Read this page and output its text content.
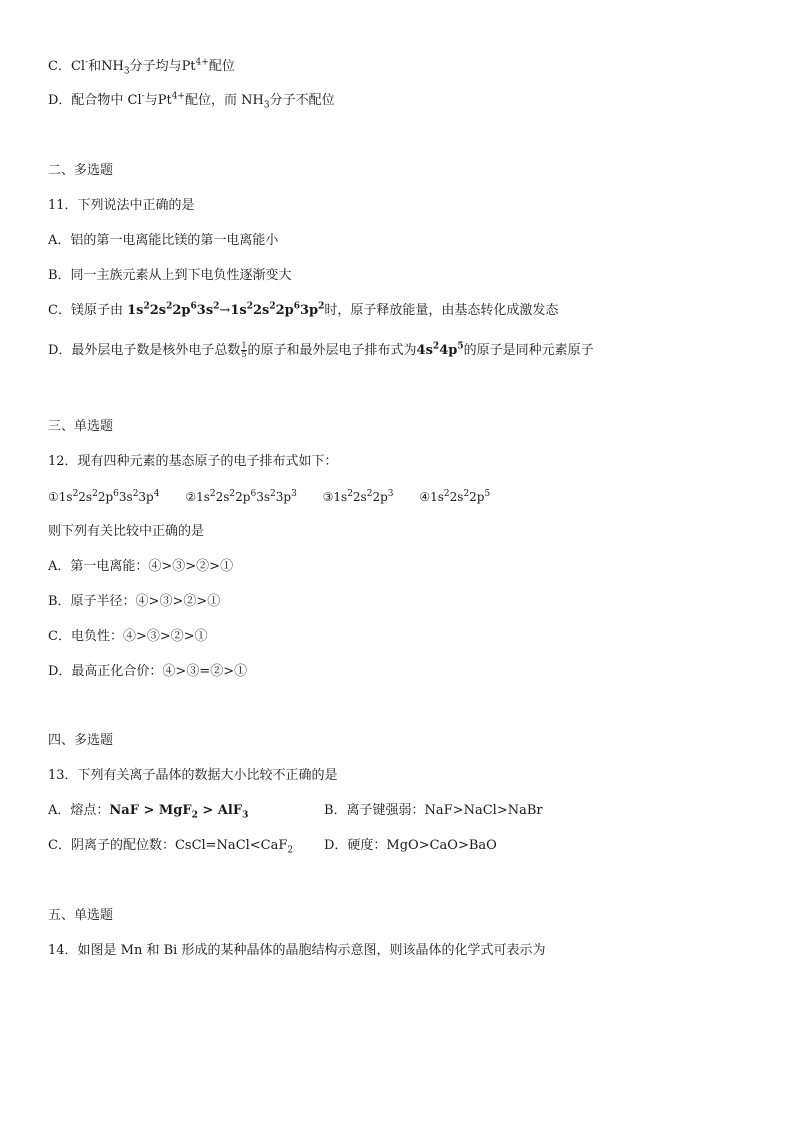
C．Cl-和$NH_3$分子均与$Pt^{4+}$配位
D．配合物中 Cl-与$Pt^{4+}$配位，而 $NH_3$分子不配位
二、多选题
11．下列说法中正确的是
A．铝的第一电离能比镁的第一电离能小
B．同一主族元素从上到下电负性逐渐变大
C．镁原子由 $1s^22s^22p^63s^2\to 1s^22s^22p^63p^2$时，原子释放能量，由基态转化成激发态
D．最外层电子数是核外电子总数 $\frac{1}{5}$ 的原子和最外层电子排布式为$4s^24p^5$的原子是同种元素原子
三、单选题
12．现有四种元素的基态原子的电子排布式如下：
$①1s^22s^22p^63s^23p^4$ $②1s^22s^22p^63s^23p^3$ $③1s^22s^22p^3$ $④1s^22s^22p^5$
则下列有关比较中正确的是
A．第一电离能：④>③>②>①
B．原子半径：④>③>②>①
C．电负性：④>③>②>①
D．最高正化合价：④>③=②>①
四、多选题
13．下列有关离子晶体的数据大小比较不正确的是
A．熔点：NaF > MgF$_2$ > AlF$_3$	B．离子键强弱：NaF>NaCl>NaBr
C．阴离子的配位数：CsCl=NaCl<CaF$_2$ D．硬度：MgO>CaO>BaO
五、单选题
14．如图是 Mn 和 Bi 形成的某种晶体的晶胞结构示意图，则该晶体的化学式可表示为
